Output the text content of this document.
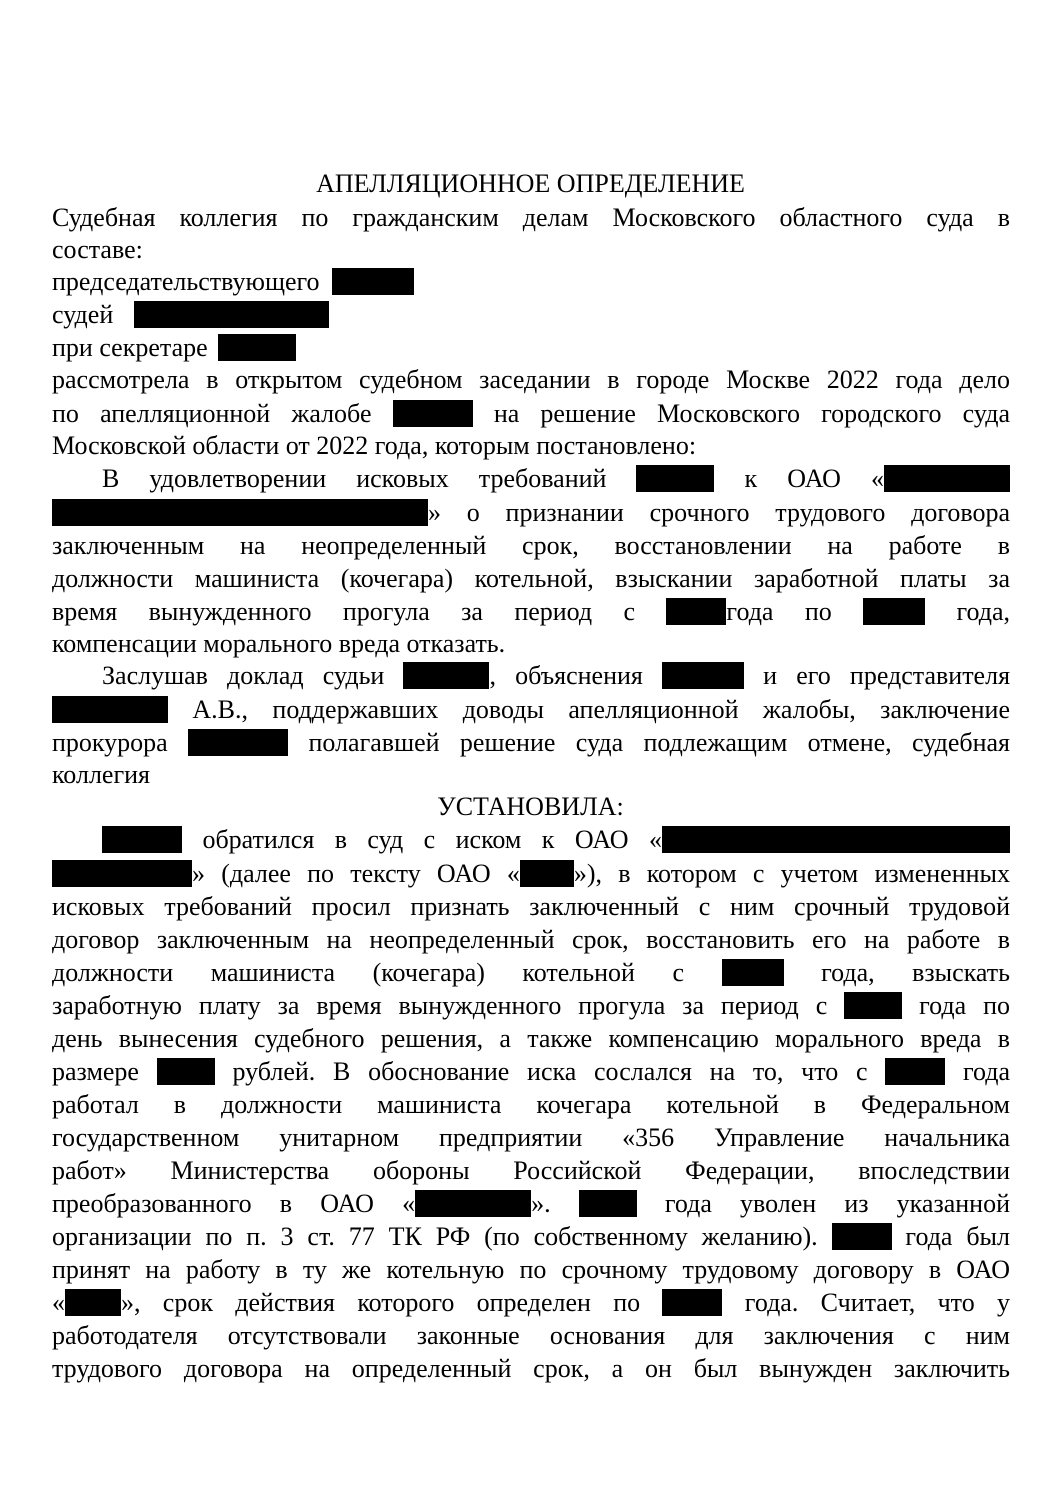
АПЕЛЛЯЦИОННОЕ ОПРЕДЕЛЕНИЕ
Судебная коллегия по гражданским делам Московского областного суда в
составе:
председательствующего
судей
при секретаре
рассмотрела в открытом судебном заседании в городе Москве 2022 года дело
по апелляционной жалобе	на решение Московского городского суда
Московской области от 2022 года, которым постановлено:
В удовлетворении исковых требований	к ОАО «
» о признании срочного трудового договора
заключенным на неопределенный срок, восстановлении на работе в
должности машиниста (кочегара) котельной, взыскании заработной платы за
время вынужденного прогула за период с	года по	года,
компенсации морального вреда отказать.
Заслушав доклад судьи	, объяснения	и его представителя
А.В., поддержавших доводы апелляционной жалобы, заключение
прокурора	полагавшей решение суда подлежащим отмене, судебная
коллегия
УСТАНОВИЛА:
обратился в суд с иском к ОАО «
» (далее по тексту ОАО « »), в котором с учетом измененных
исковых требований просил признать заключенный с ним срочный трудовой
договор заключенным на неопределенный срок, восстановить его на работе в
должности машиниста (кочегара) котельной с	года, взыскать
заработную плату за время вынужденного прогула за период с	года по
день вынесения судебного решения, а также компенсацию морального вреда в
размере	рублей. В обоснование иска сослался на то, что с	года
работал в должности машиниста кочегара котельной в Федеральном
государственном унитарном предприятии «356 Управление начальника
работ» Министерства обороны Российской Федерации, впоследствии
преобразованного в ОАО «	».	года уволен из указанной
организации по п. 3 ст. 77 ТК РФ (по собственному желанию).	года был
принят на работу в ту же котельную по срочному трудовому договору в ОАО
« », срок действия которого определен по	года. Считает, что у
работодателя отсутствовали законные основания для заключения с ним
трудового договора на определенный срок, а он был вынужден заключить
